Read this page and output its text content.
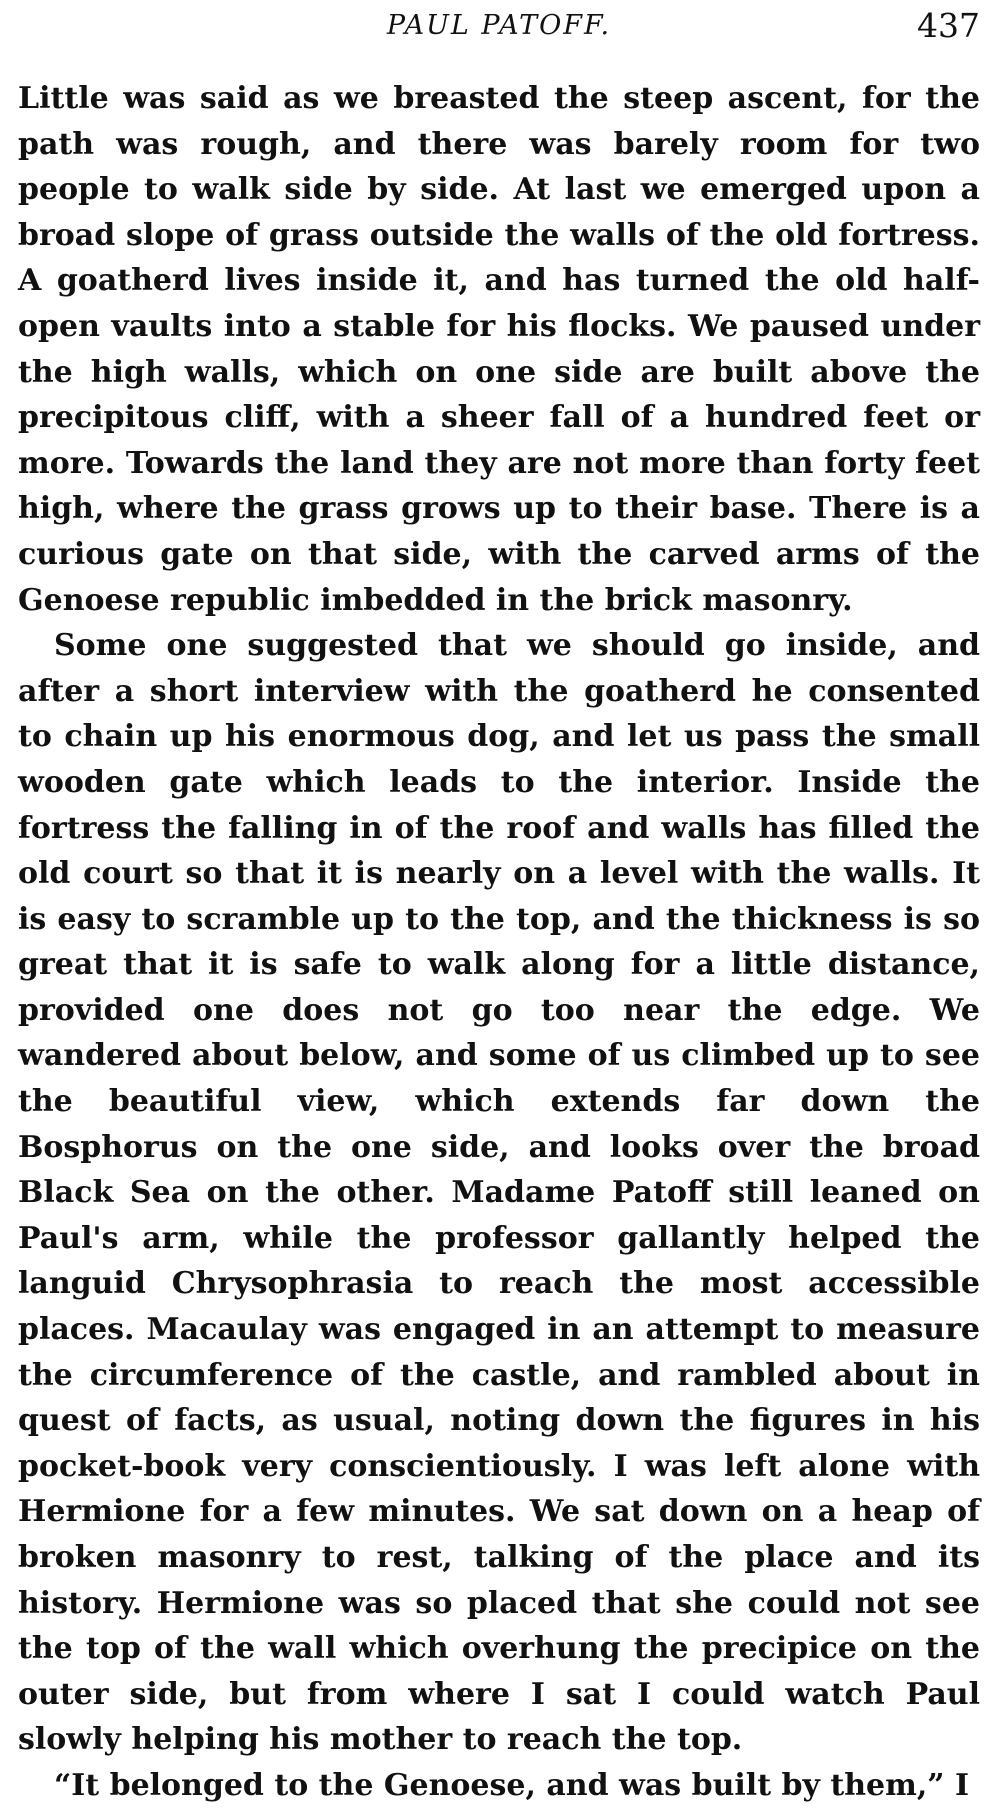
PAUL PATOFF.	437

Little was said as we breasted the steep ascent, for the path was rough, and there was barely room for two people to walk side by side. At last we emerged upon a broad slope of grass outside the walls of the old fortress. A goatherd lives inside it, and has turned the old half-open vaults into a stable for his flocks. We paused under the high walls, which on one side are built above the precipitous cliff, with a sheer fall of a hundred feet or more. Towards the land they are not more than forty feet high, where the grass grows up to their base. There is a curious gate on that side, with the carved arms of the Genoese republic imbedded in the brick masonry.

Some one suggested that we should go inside, and after a short interview with the goatherd he consented to chain up his enormous dog, and let us pass the small wooden gate which leads to the interior. Inside the fortress the falling in of the roof and walls has filled the old court so that it is nearly on a level with the walls. It is easy to scramble up to the top, and the thickness is so great that it is safe to walk along for a little distance, provided one does not go too near the edge. We wandered about below, and some of us climbed up to see the beautiful view, which extends far down the Bosphorus on the one side, and looks over the broad Black Sea on the other. Madame Patoff still leaned on Paul's arm, while the professor gallantly helped the languid Chrysophrasia to reach the most accessible places. Macaulay was engaged in an attempt to measure the circumference of the castle, and rambled about in quest of facts, as usual, noting down the figures in his pocket-book very conscientiously. I was left alone with Hermione for a few minutes. We sat down on a heap of broken masonry to rest, talking of the place and its history. Hermione was so placed that she could not see the top of the wall which overhung the precipice on the outer side, but from where I sat I could watch Paul slowly helping his mother to reach the top.

“It belonged to the Genoese, and was built by them,” I
